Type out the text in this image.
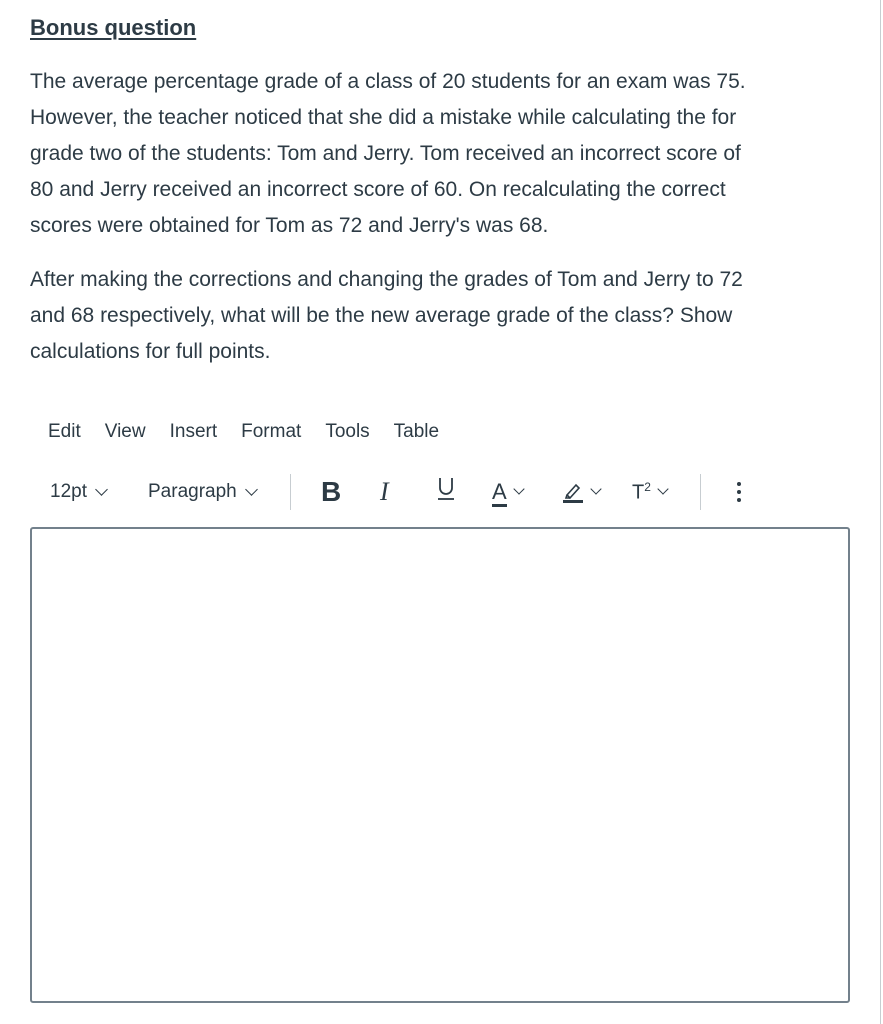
Bonus question
The average percentage grade of a class of 20 students for an exam was 75.
However, the teacher noticed that she did a mistake while calculating the for
grade two of the students: Tom and Jerry. Tom received an incorrect score of
80 and Jerry received an incorrect score of 60. On recalculating the correct
scores were obtained for Tom as 72 and Jerry's was 68.
After making the corrections and changing the grades of Tom and Jerry to 72
and 68 respectively, what will be the new average grade of the class? Show
calculations for full points.
Edit View Insert Format Tools Table
12pt	Paragraph	B I	A	$T^2$
